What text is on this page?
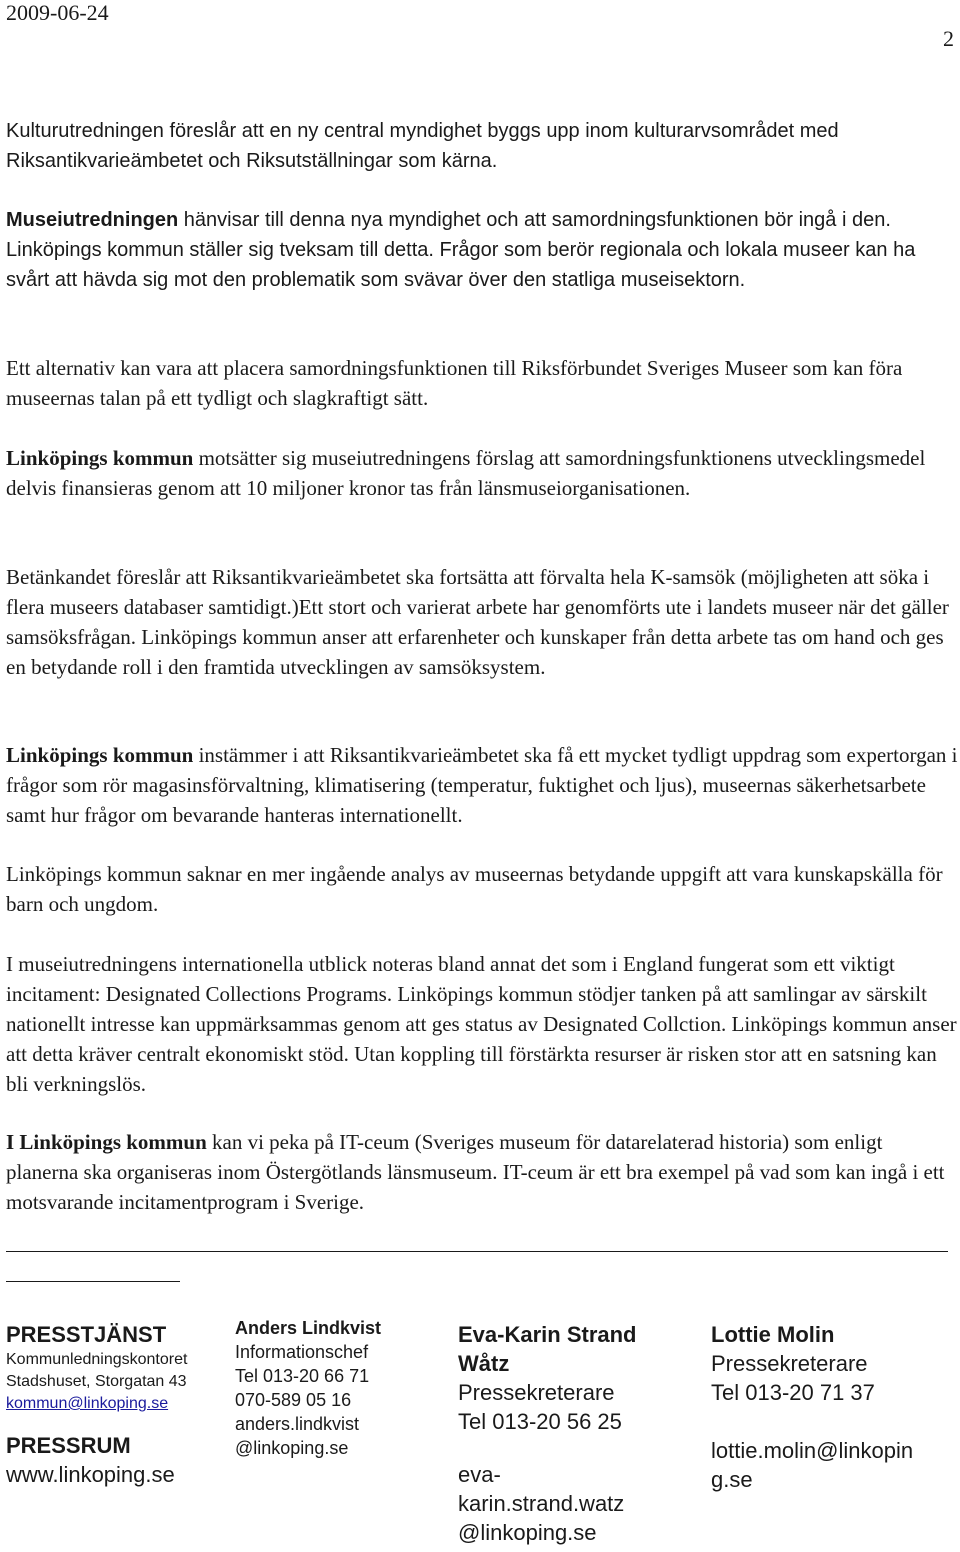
2009-06-24
2

Kulturutredningen föreslår att en ny central myndighet byggs upp inom kulturarvsområdet med Riksantikvarieämbetet och Riksutställningar som kärna.

Museiutredningen hänvisar till denna nya myndighet och att samordningsfunktionen bör ingå i den. Linköpings kommun ställer sig tveksam till detta. Frågor som berör regionala och lokala museer kan ha svårt att hävda sig mot den problematik som svävar över den statliga museisektorn.

Ett alternativ kan vara att placera samordningsfunktionen till Riksförbundet Sveriges Museer som kan föra museernas talan på ett tydligt och slagkraftigt sätt.

Linköpings kommun motsätter sig museiutredningens förslag att samordningsfunktionens utvecklingsmedel delvis finansieras genom att 10 miljoner kronor tas från länsmuseiorganisationen.

Betänkandet föreslår att Riksantikvarieämbetet ska fortsätta att förvalta hela K-samsök (möjligheten att söka i flera museers databaser samtidigt.)Ett stort och varierat arbete har genomförts ute i landets museer när det gäller samsöksfrågan. Linköpings kommun anser att erfarenheter och kunskaper från detta arbete tas om hand och ges en betydande roll i den framtida utvecklingen av samsöksystem.

Linköpings kommun instämmer i att Riksantikvarieämbetet ska få ett mycket tydligt uppdrag som expertorgan i frågor som rör magasinsförvaltning, klimatisering (temperatur, fuktighet och ljus), museernas säkerhetsarbete samt hur frågor om bevarande hanteras internationellt.

Linköpings kommun saknar en mer ingående analys av museernas betydande uppgift att vara kunskapskälla för barn och ungdom.

I museiutredningens internationella utblick noteras bland annat det som i England fungerat som ett viktigt incitament: Designated Collections Programs. Linköpings kommun stödjer tanken på att samlingar av särskilt nationellt intresse kan uppmärksammas genom att ges status av Designated Collction. Linköpings kommun anser att detta kräver centralt ekonomiskt stöd. Utan koppling till förstärkta resurser är risken stor att en satsning kan bli verkningslös.

I Linköpings kommun kan vi peka på IT-ceum (Sveriges museum för datarelaterad historia) som enligt planerna ska organiseras inom Östergötlands länsmuseum. IT-ceum är ett bra exempel på vad som kan ingå i ett motsvarande incitamentprogram i Sverige.

PRESSTJÄNST
Kommunledningskontoret
Stadshuset, Storgatan 43
kommun@linkoping.se
PRESSRUM
www.linkoping.se
Anders Lindkvist
Informationschef
Tel 013-20 66 71
070-589 05 16
anders.lindkvist
@linkoping.se
Eva-Karin Strand
Wåtz
Pressekreterare
Tel 013-20 56 25
eva-
karin.strand.watz
@linkoping.se
Lottie Molin
Pressekreterare
Tel 013-20 71 37
lottie.molin@linkopin
g.se
